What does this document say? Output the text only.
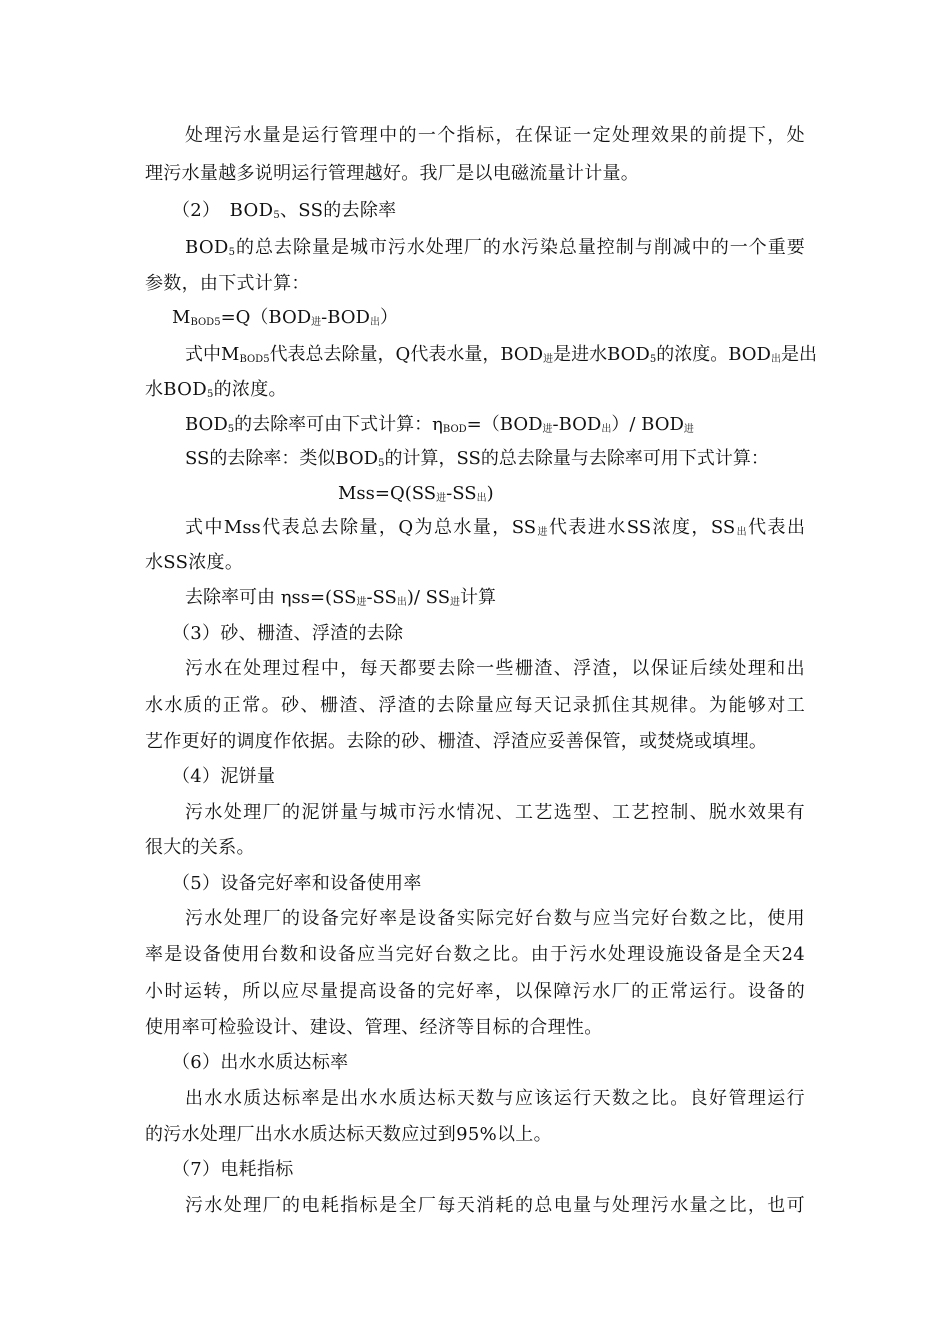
处理污水量是运行管理中的一个指标，在保证一定处理效果的前提下，处
理污水量越多说明运行管理越好。我厂是以电磁流量计计量。
（2）　$BOD_5$、SS的去除率
$BOD_5$的总去除量是城市污水处理厂的水污染总量控制与削减中的一个重要
参数，由下式计算：
$M_{BOD5}=Q(BOD_进-BOD_出)$
式中$M_{BOD5}$代表总去除量，Q代表水量，$BOD_进$是进水$BOD_5$的浓度。$BOD_出$是出
水$BOD_5$的浓度。
$BOD_5$的去除率可由下式计算：$\eta_{BOD}=(BOD_进-BOD_出)/$ $BOD_进$
SS的去除率：类似$BOD_5$的计算，SS的总去除量与去除率可用下式计算：
$Mss=Q(SS_进-SS_出)$
式中Mss代表总去除量，Q为总水量，$SS_进$代表进水SS浓度，$SS_出$代表出
水SS浓度。
去除率可由 $\eta ss=(SS_进-SS_出)/$ $SS_进$计算
（3）砂、栅渣、浮渣的去除
污水在处理过程中，每天都要去除一些栅渣、浮渣，以保证后续处理和出
水水质的正常。砂、栅渣、浮渣的去除量应每天记录抓住其规律。为能够对工
艺作更好的调度作依据。去除的砂、栅渣、浮渣应妥善保管，或焚烧或填埋。
（4）泥饼量
污水处理厂的泥饼量与城市污水情况、工艺选型、工艺控制、脱水效果有
很大的关系。
（5）设备完好率和设备使用率
污水处理厂的设备完好率是设备实际完好台数与应当完好台数之比，使用
率是设备使用台数和设备应当完好台数之比。由于污水处理设施设备是全天24
小时运转，所以应尽量提高设备的完好率，以保障污水厂的正常运行。设备的
使用率可检验设计、建设、管理、经济等目标的合理性。
（6）出水水质达标率
出水水质达标率是出水水质达标天数与应该运行天数之比。良好管理运行
的污水处理厂出水水质达标天数应过到95%以上。
（7）电耗指标
污水处理厂的电耗指标是全厂每天消耗的总电量与处理污水量之比，也可
